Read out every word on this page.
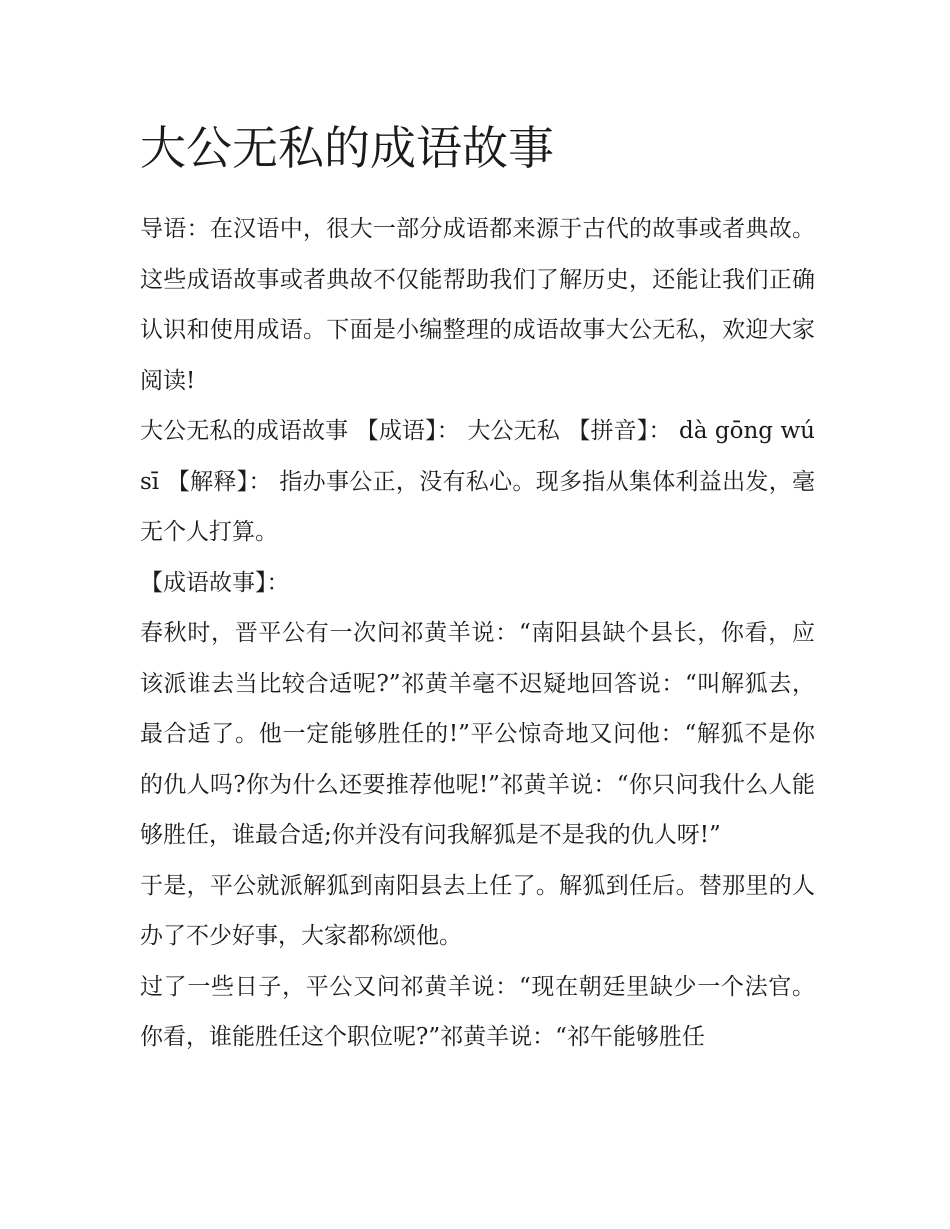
大公无私的成语故事

导语：在汉语中，很大一部分成语都来源于古代的故事或者典故。这些成语故事或者典故不仅能帮助我们了解历史，还能让我们正确认识和使用成语。下面是小编整理的成语故事大公无私，欢迎大家阅读!

大公无私的成语故事 【成语】： 大公无私 【拼音】： dà gōng wú sī 【解释】： 指办事公正，没有私心。现多指从集体利益出发，毫无个人打算。

【成语故事】：

春秋时，晋平公有一次问祁黄羊说：“南阳县缺个县长，你看，应该派谁去当比较合适呢?”祁黄羊毫不迟疑地回答说：“叫解狐去，最合适了。他一定能够胜任的!”平公惊奇地又问他：“解狐不是你的仇人吗?你为什么还要推荐他呢!”祁黄羊说：“你只问我什么人能够胜任，谁最合适;你并没有问我解狐是不是我的仇人呀!”

于是，平公就派解狐到南阳县去上任了。解狐到任后。替那里的人办了不少好事，大家都称颂他。

过了一些日子，平公又问祁黄羊说：“现在朝廷里缺少一个法官。你看，谁能胜任这个职位呢?”祁黄羊说：“祁午能够胜任
